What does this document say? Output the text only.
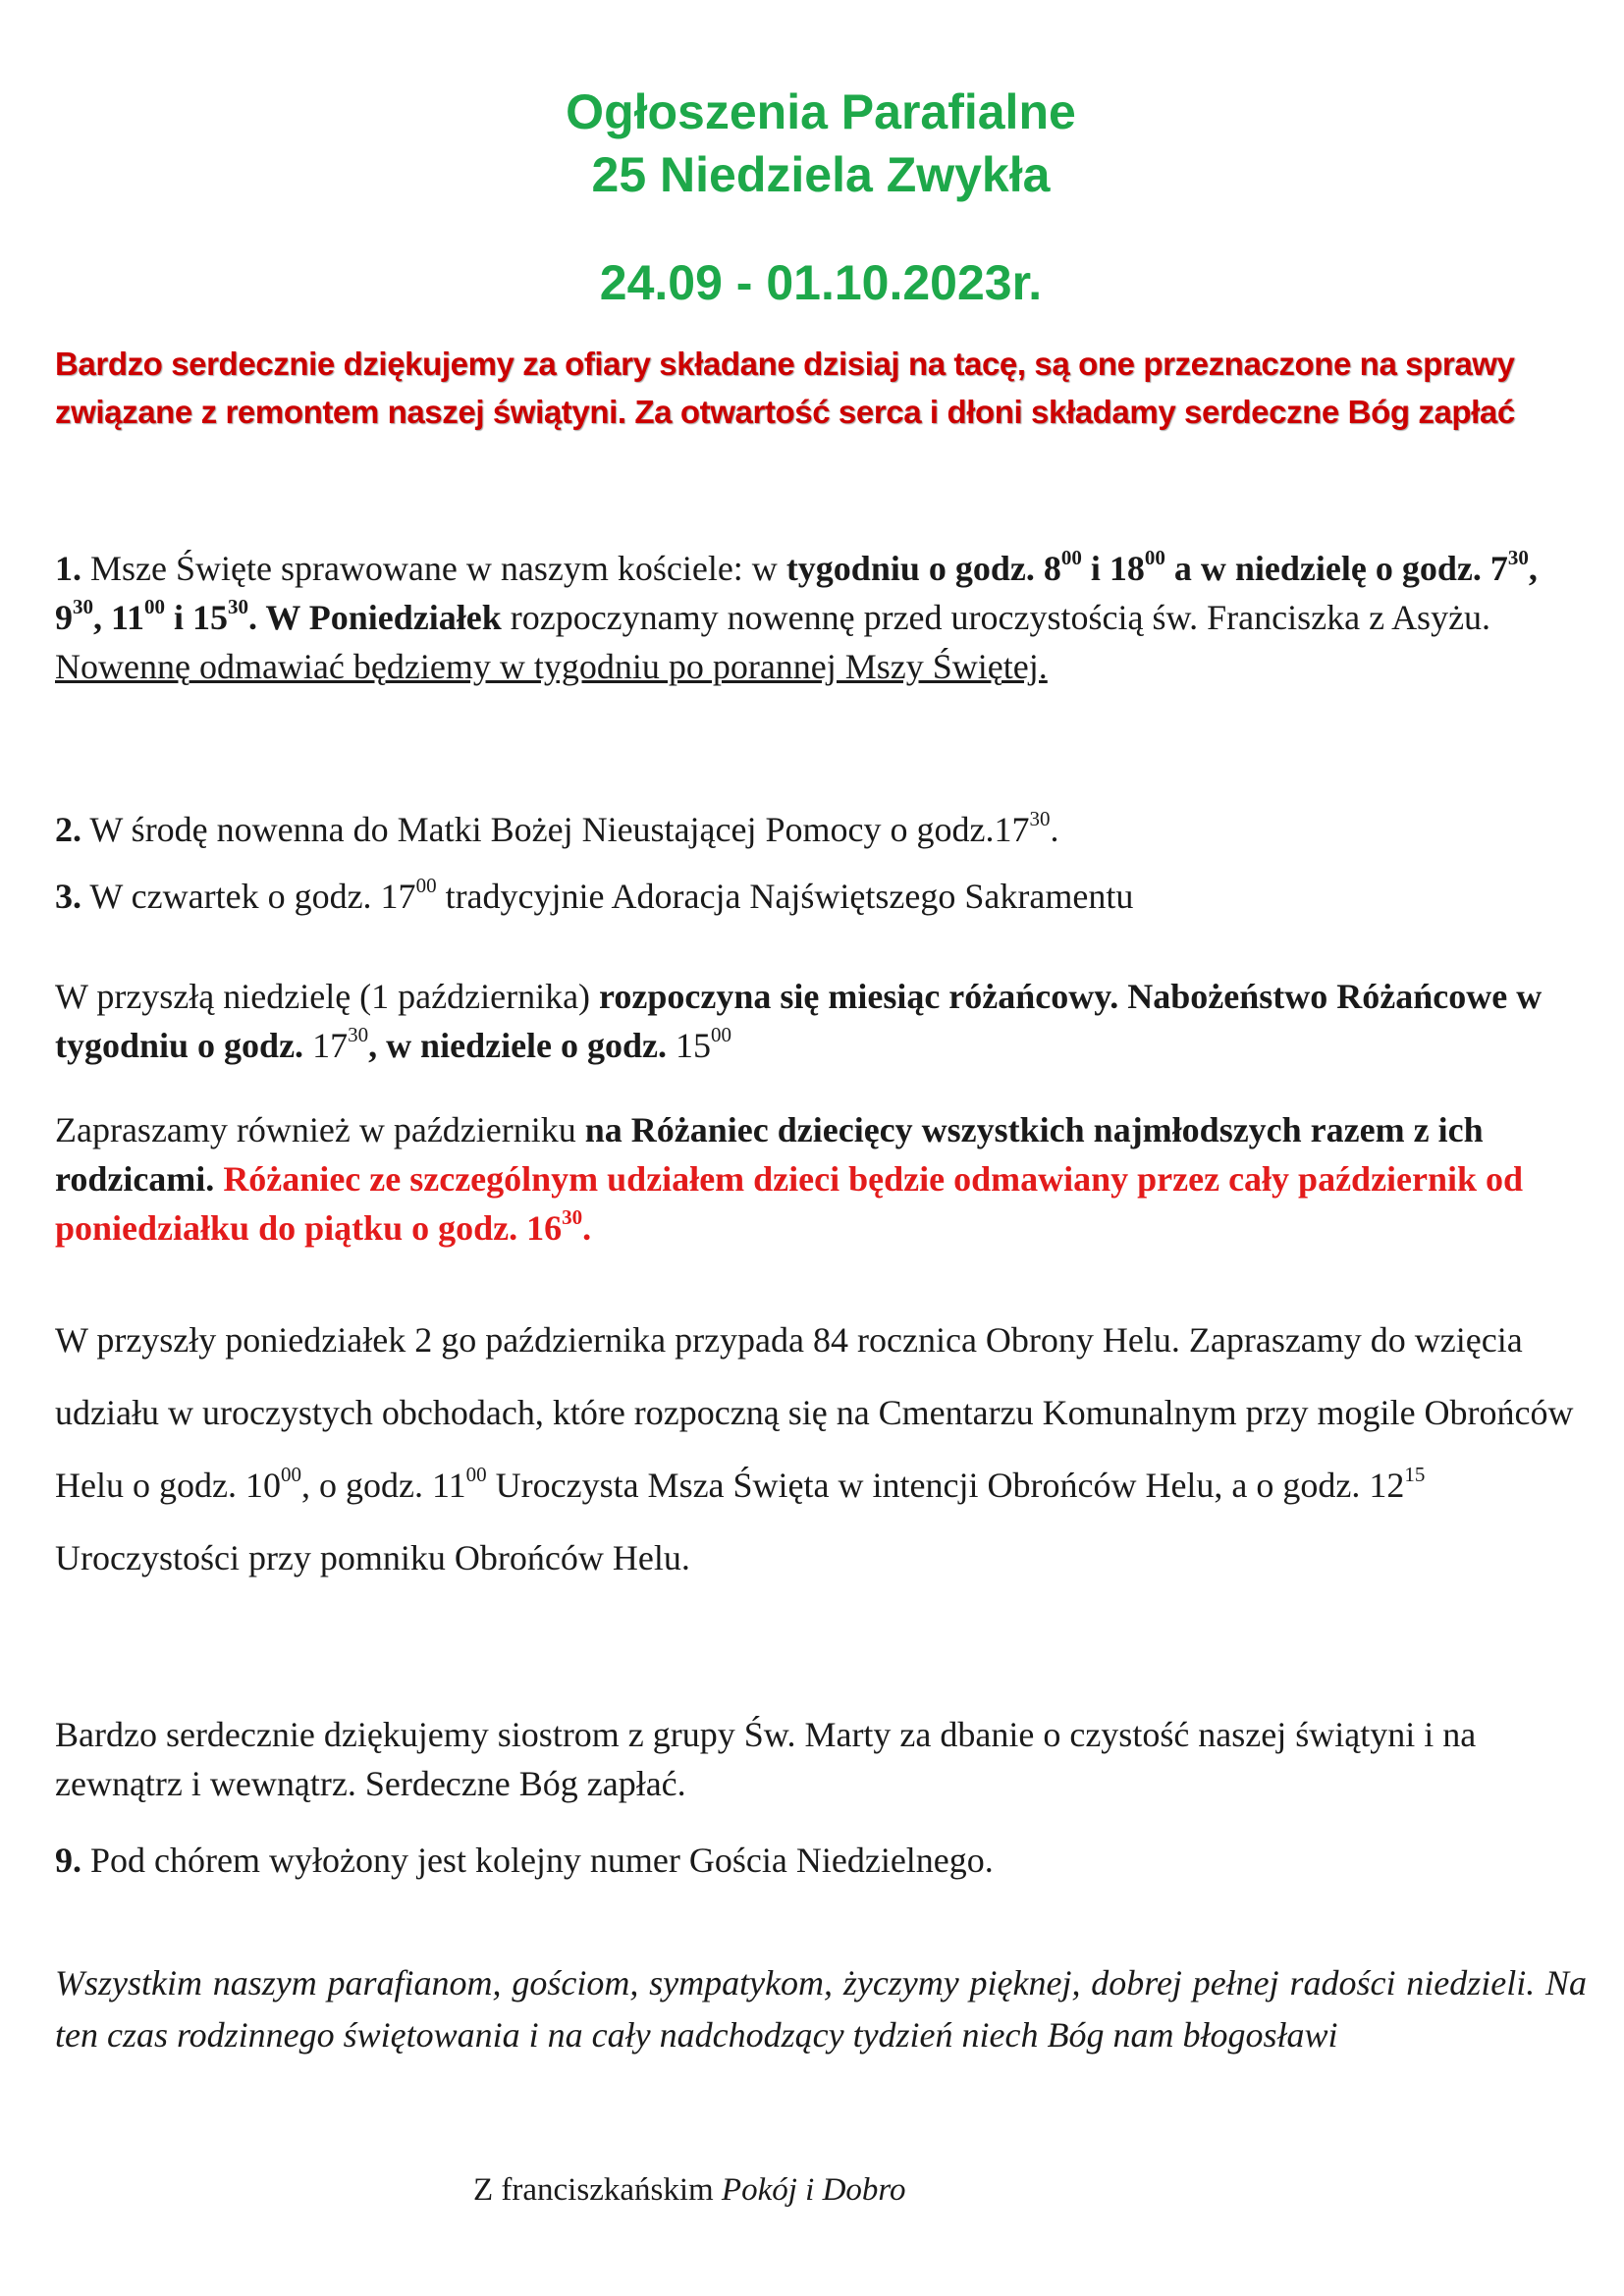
Ogłoszenia Parafialne

25 Niedziela Zwykła

24.09 - 01.10.2023r.

Bardzo serdecznie dziękujemy za ofiary składane dzisiaj na tacę, są one przeznaczone na sprawy związane z remontem naszej świątyni. Za otwartość serca i dłoni składamy serdeczne Bóg zapłać
1. Msze Święte sprawowane w naszym kościele: w tygodniu o godz. $8^{00}$ i $18^{00}$ a w niedzielę o godz. $7^{30}$, $9^{30}$, $11^{00}$ i $15^{30}$. W Poniedziałek rozpoczynamy nowennę przed uroczystością św. Franciszka z Asyżu. Nowennę odmawiać będziemy w tygodniu po porannej Mszy Świętej.
2. W środę nowenna do Matki Bożej Nieustającej Pomocy o $godz.17^{30}$.
3. W czwartek o godz. $17^{00}$ tradycyjnie Adoracja Najświętszego Sakramentu
W przyszłą niedzielę (1 października) rozpoczyna się miesiąc różańcowy. Nabożeństwo Różańcowe w tygodniu o godz. $17^{30}$, w niedziele o godz. $15^{00}$
Zapraszamy również w październiku na Różaniec dziecięcy wszystkich najmłodszych razem z ich rodzicami. Różaniec ze szczególnym udziałem dzieci będzie odmawiany przez cały październik od poniedziałku do piątku o godz. $16^{30}$.
W przyszły poniedziałek 2 go października przypada 84 rocznica Obrony Helu. Zapraszamy do wzięcia udziału w uroczystych obchodach, które rozpoczną się na Cmentarzu Komunalnym przy mogile Obrońców Helu o godz. $10^{00}$, o godz. $11^{00}$ Uroczysta Msza Święta w intencji Obrońców Helu, a o godz. $12^{15}$ Uroczystości przy pomniku Obrońców Helu.
Bardzo serdecznie dziękujemy siostrom z grupy Św. Marty za dbanie o czystość naszej świątyni i na zewnątrz i wewnątrz. Serdeczne Bóg zapłać.
9. Pod chórem wyłożony jest kolejny numer Gościa Niedzielnego.
Wszystkim naszym parafianom, gościom, sympatykom, życzymy pięknej, dobrej pełnej radości niedzieli. Na ten czas rodzinnego świętowania i na cały nadchodzący tydzień niech Bóg nam błogosławi
Z franciszkańskim Pokój i Dobro
